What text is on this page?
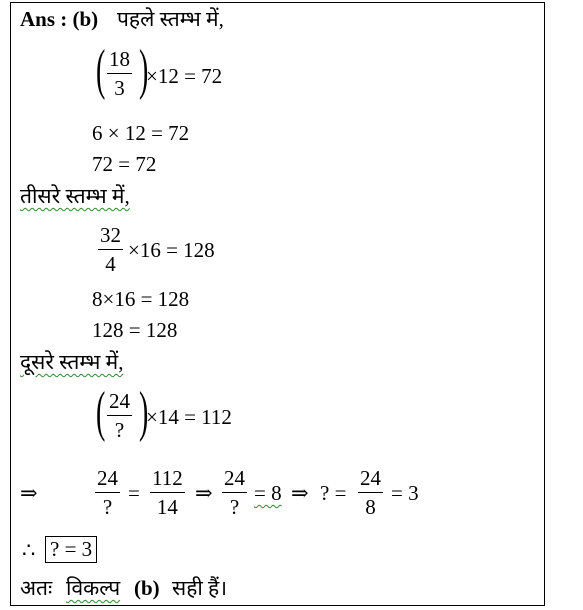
Ans : (b) पहले स्तम्भ में,
( 18
3 )
×12 = 72
6 × 12 = 72
72 = 72
तीसरे स्तम्भ में,
32
4
×16 = 128
8×16 = 128
128 = 128
दूसरे स्तम्भ में,
( 24
? )
×14 = 112
⇒
24
?
=
112
14
⇒
24
?
= 8 ⇒ ? =
24
8
= 3
∴ ? = 3
अतः विकल्प (b) सही हैं।
